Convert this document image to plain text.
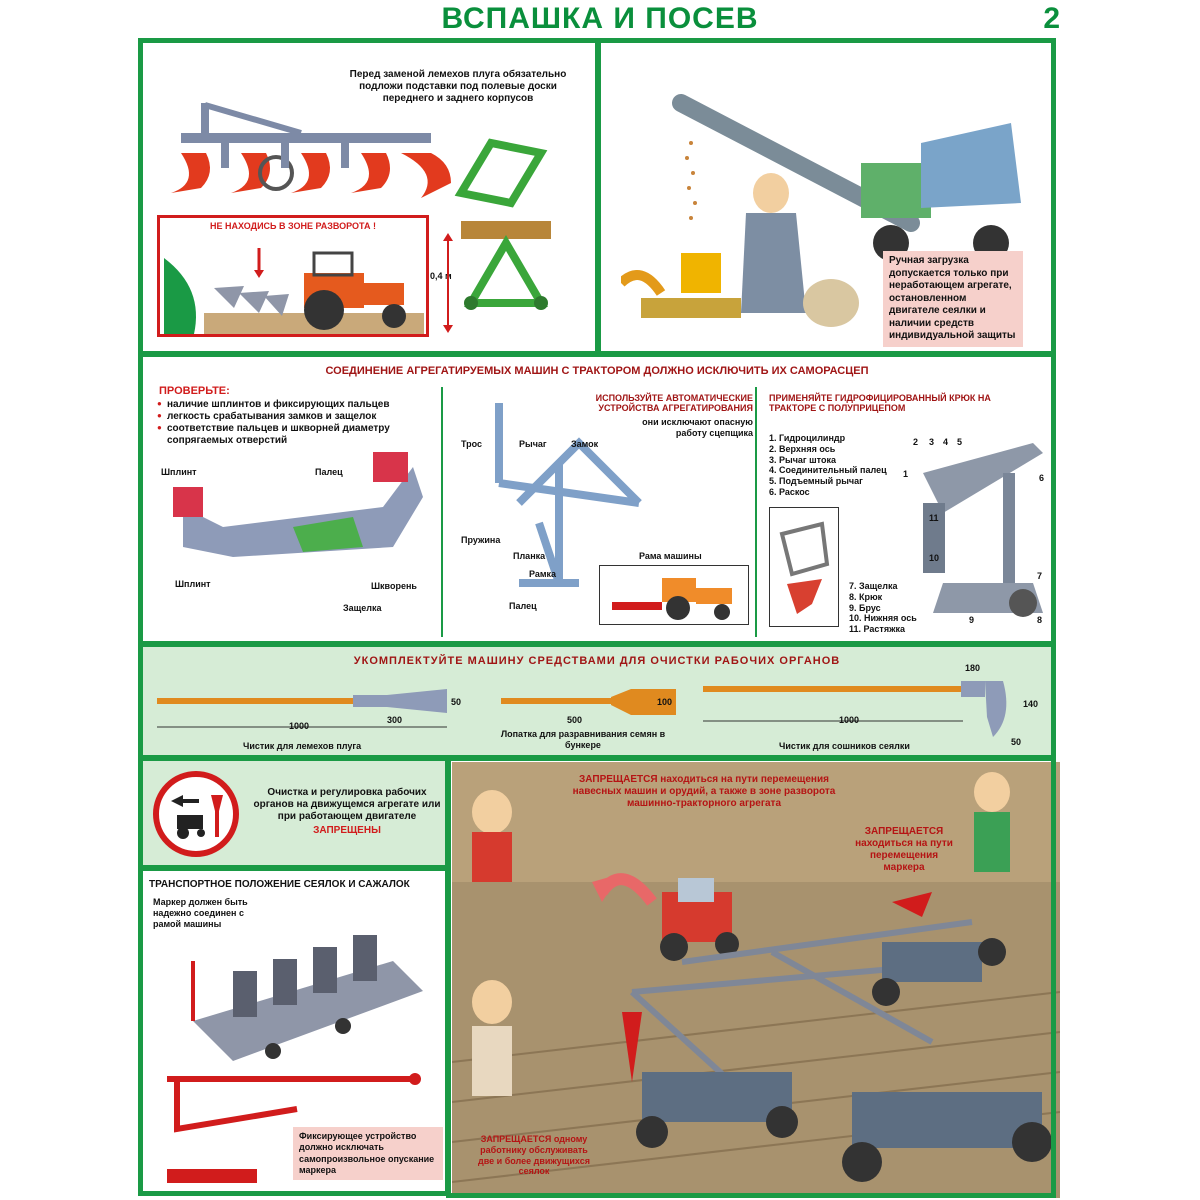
ВСПАШКА И ПОСЕВ	2
Перед заменой лемехов плуга обязательно подложи подставки под полевые доски переднего и заднего корпусов
НЕ НАХОДИСЬ В ЗОНЕ РАЗВОРОТА !
0,4 м
Ручная загрузка допускается только при неработающем агрегате, остановленном двигателе сеялки и наличии средств индивидуальной защиты
СОЕДИНЕНИЕ АГРЕГАТИРУЕМЫХ МАШИН С ТРАКТОРОМ ДОЛЖНО ИСКЛЮЧИТЬ ИХ САМОРАСЦЕП
ПРОВЕРЬТЕ:
● наличие шплинтов и фиксирующих пальцев
● легкость срабатывания замков и защелок
● соответствие пальцев и шкворней диаметру сопрягаемых отверстий
Шплинт	Палец
Шплинт	Шкворень
Защелка
ИСПОЛЬЗУЙТЕ АВТОМАТИЧЕСКИЕ УСТРОЙСТВА АГРЕГАТИРОВАНИЯ
они исключают опасную работу сцепщика
Трос	Рычаг	Замок
Пружина
Планка
Рамка
Рама машины
Палец
ПРИМЕНЯЙТЕ ГИДРОФИЦИРОВАННЫЙ КРЮК НА ТРАКТОРЕ С ПОЛУПРИЦЕПОМ
1. Гидроцилиндр
2. Верхняя ось
3. Рычаг штока
4. Соединительный палец
5. Подъемный рычаг
6. Раскос
7. Защелка
8. Крюк
9. Брус
10. Нижняя ось
11. Растяжка
2 3 4 5
1	6
11
10
7
9	8
УКОМПЛЕКТУЙТЕ МАШИНУ СРЕДСТВАМИ ДЛЯ ОЧИСТКИ РАБОЧИХ ОРГАНОВ
1000
300
50
Чистик для лемехов плуга
100
500
Лопатка для разравнивания семян в бункере
180
140
1000
50
Чистик для сошников сеялки
Очистка и регулировка рабочих органов на движущемся агрегате или при работающем двигателе
ЗАПРЕЩЕНЫ
ТРАНСПОРТНОЕ ПОЛОЖЕНИЕ СЕЯЛОК И САЖАЛОК
Маркер должен быть надежно соединен с рамой машины
Фиксирующее устройство должно исключать самопроизвольное опускание маркера
ЗАПРЕЩАЕТСЯ находиться на пути перемещения навесных машин и орудий, а также в зоне разворота машинно-тракторного агрегата
ЗАПРЕЩАЕТСЯ находиться на пути перемещения маркера
ЗАПРЕЩАЕТСЯ одному работнику обслуживать две и более движущихся сеялок
